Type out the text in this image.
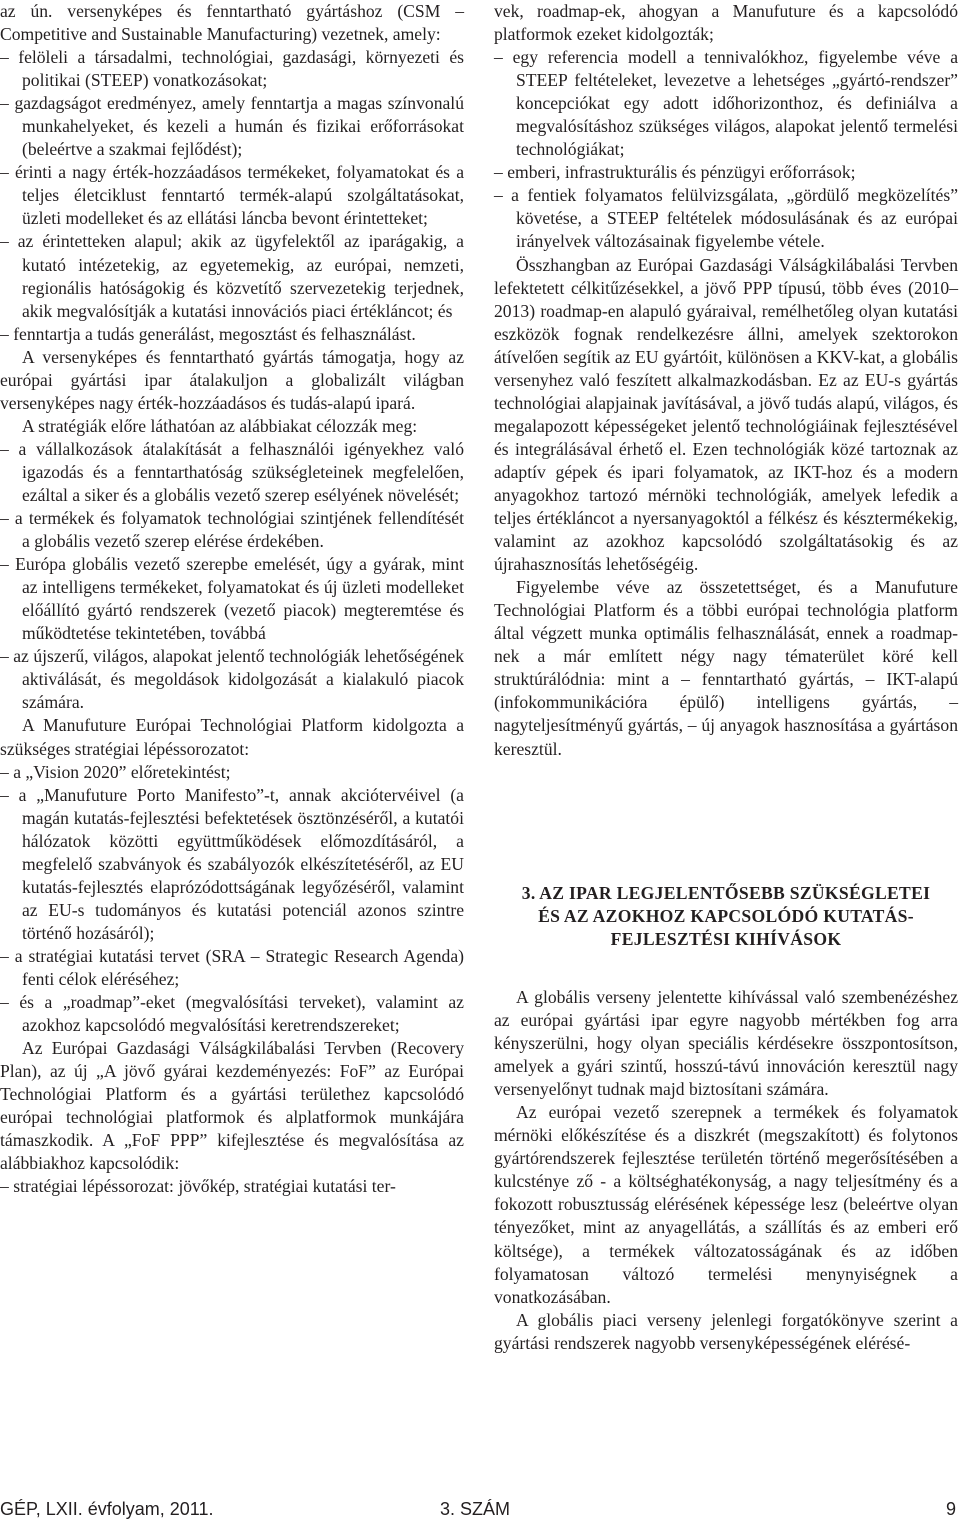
az ún. versenyképes és fenntartható gyártáshoz (CSM – Competitive and Sustainable Manufacturing) vezetnek, amely:

– felöleli a társadalmi, technológiai, gazdasági, környezeti és politikai (STEEP) vonatkozásokat;

– gazdagságot eredményez, amely fenntartja a magas színvonalú munkahelyeket, és kezeli a humán és fizikai erőforrásokat (beleértve a szakmai fejlődést);

– érinti a nagy érték-hozzáadásos termékeket, folyamatokat és a teljes életciklust fenntartó termék-alapú szolgáltatásokat, üzleti modelleket és az ellátási láncba bevont érintetteket;

– az érintetteken alapul; akik az ügyfelektől az iparágakig, a kutató intézetekig, az egyetemekig, az európai, nemzeti, regionális hatóságokig és közvetítő szervezetekig terjednek, akik megvalósítják a kutatási innovációs piaci értékláncot; és

– fenntartja a tudás generálást, megosztást és felhasználást.

A versenyképes és fenntartható gyártás támogatja, hogy az európai gyártási ipar átalakuljon a globalizált világban versenyképes nagy érték-hozzáadásos és tudás-alapú ipará.

A stratégiák előre láthatóan az alábbiakat célozzák meg:

– a vállalkozások átalakítását a felhasználói igényekhez való igazodás és a fenntarthatóság szükségleteinek megfelelően, ezáltal a siker és a globális vezető szerep esélyének növelését;

– a termékek és folyamatok technológiai szintjének fellendítését a globális vezető szerep elérése érdekében.

– Európa globális vezető szerepbe emelését, úgy a gyárak, mint az intelligens termékeket, folyamatokat és új üzleti modelleket előállító gyártó rendszerek (vezető piacok) megteremtése és működtetése tekintetében, továbbá

– az újszerű, világos, alapokat jelentő technológiák lehetőségének aktiválását, és megoldások kidolgozását a kialakuló piacok számára.

A Manufuture Európai Technológiai Platform kidolgozta a szükséges stratégiai lépéssorozatot:

– a „Vision 2020” előretekintést;

– a „Manufuture Porto Manifesto”-t, annak akciótervéivel (a magán kutatás-fejlesztési befektetések ösztönzéséről, a kutatói hálózatok közötti együttműködések előmozdításáról, a megfelelő szabványok és szabályozók elkészítetéséről, az EU kutatás-fejlesztés elaprózódottságának legyőzéséről, valamint az EU-s tudományos és kutatási potenciál azonos szintre történő hozásáról);

– a stratégiai kutatási tervet (SRA – Strategic Research Agenda) fenti célok eléréséhez;

– és a „roadmap”-eket (megvalósítási terveket), valamint az azokhoz kapcsolódó megvalósítási keretrendszereket;

Az Európai Gazdasági Válságkilábalási Tervben (Recovery Plan), az új „A jövő gyárai kezdeményezés: FoF” az Európai Technológiai Platform és a gyártási területhez kapcsolódó európai technológiai platformok és alplatformok munkájára támaszkodik. A „FoF PPP” kifejlesztése és megvalósítása az alábbiakhoz kapcsolódik:

– stratégiai lépéssorozat: jövőkép, stratégiai kutatási ter-

vek, roadmap-ek, ahogyan a Manufuture és a kapcsolódó platformok ezeket kidolgozták;

– egy referencia modell a tennivalókhoz, figyelembe véve a STEEP feltételeket, levezetve a lehetséges „gyártó-rendszer” koncepciókat egy adott időhorizonthoz, és definiálva a megvalósításhoz szükséges világos, alapokat jelentő termelési technológiákat;

– emberi, infrastrukturális és pénzügyi erőforrások;

– a fentiek folyamatos felülvizsgálata, „gördülő megközelítés” követése, a STEEP feltételek módosulásának és az európai irányelvek változásainak figyelembe vétele.

Összhangban az Európai Gazdasági Válságkilábalási Tervben lefektetett célkitűzésekkel, a jövő PPP típusú, több éves (2010–2013) roadmap-en alapuló gyáraival, remélhetőleg olyan kutatási eszközök fognak rendelkezésre állni, amelyek szektorokon átívelően segítik az EU gyártóit, különösen a KKV-kat, a globális versenyhez való feszített alkalmazkodásban. Ez az EU-s gyártás technológiai alapjainak javításával, a jövő tudás alapú, világos, és megalapozott képességeket jelentő technológiáinak fejlesztésével és integrálásával érhető el. Ezen technológiák közé tartoznak az adaptív gépek és ipari folyamatok, az IKT-hoz és a modern anyagokhoz tartozó mérnöki technológiák, amelyek lefedik a teljes értékláncot a nyersanyagoktól a félkész és késztermékekig, valamint az azokhoz kapcsolódó szolgáltatásokig és az újrahasznosítás lehetőségéig.

Figyelembe véve az összetettséget, és a Manufuture Technológiai Platform és a többi európai technológia platform által végzett munka optimális felhasználását, ennek a roadmap-nek a már említett négy nagy tématerület köré kell struktúrálódnia: mint a – fenntartható gyártás, – IKT-alapú (infokommunikációra épülő) intelligens gyártás, – nagyteljesítményű gyártás, – új anyagok hasznosítása a gyártáson keresztül.

3. AZ IPAR LEGJELENTŐSEBB SZÜKSÉGLETEI
ÉS AZ AZOKHOZ KAPCSOLÓDÓ KUTATÁS-
FEJLESZTÉSI KIHÍVÁSOK

A globális verseny jelentette kihívással való szembenézéshez az európai gyártási ipar egyre nagyobb mértékben fog arra kényszerülni, hogy olyan speciális kérdésekre összpontosítson, amelyek a gyári szintű, hosszú-távú innováción keresztül nagy versenyelőnyt tudnak majd biztosítani számára.

Az európai vezető szerepnek a termékek és folyamatok mérnöki előkészítése és a diszkrét (megszakított) és folytonos gyártórendszerek fejlesztése területén történő megerősítésében a kulcsténye ző - a költséghatékonyság, a nagy teljesítmény és a fokozott robusztusság elérésének képessége lesz (beleértve olyan tényezőket, mint az anyagellátás, a szállítás és az emberi erő költsége), a termékek változatosságának és az időben folyamatosan változó termelési menynyiségnek a vonatkozásában.

A globális piaci verseny jelenlegi forgatókönyve szerint a gyártási rendszerek nagyobb versenyképességének elérésé-

GÉP, LXII. évfolyam, 2011.	3. SZÁM	9
